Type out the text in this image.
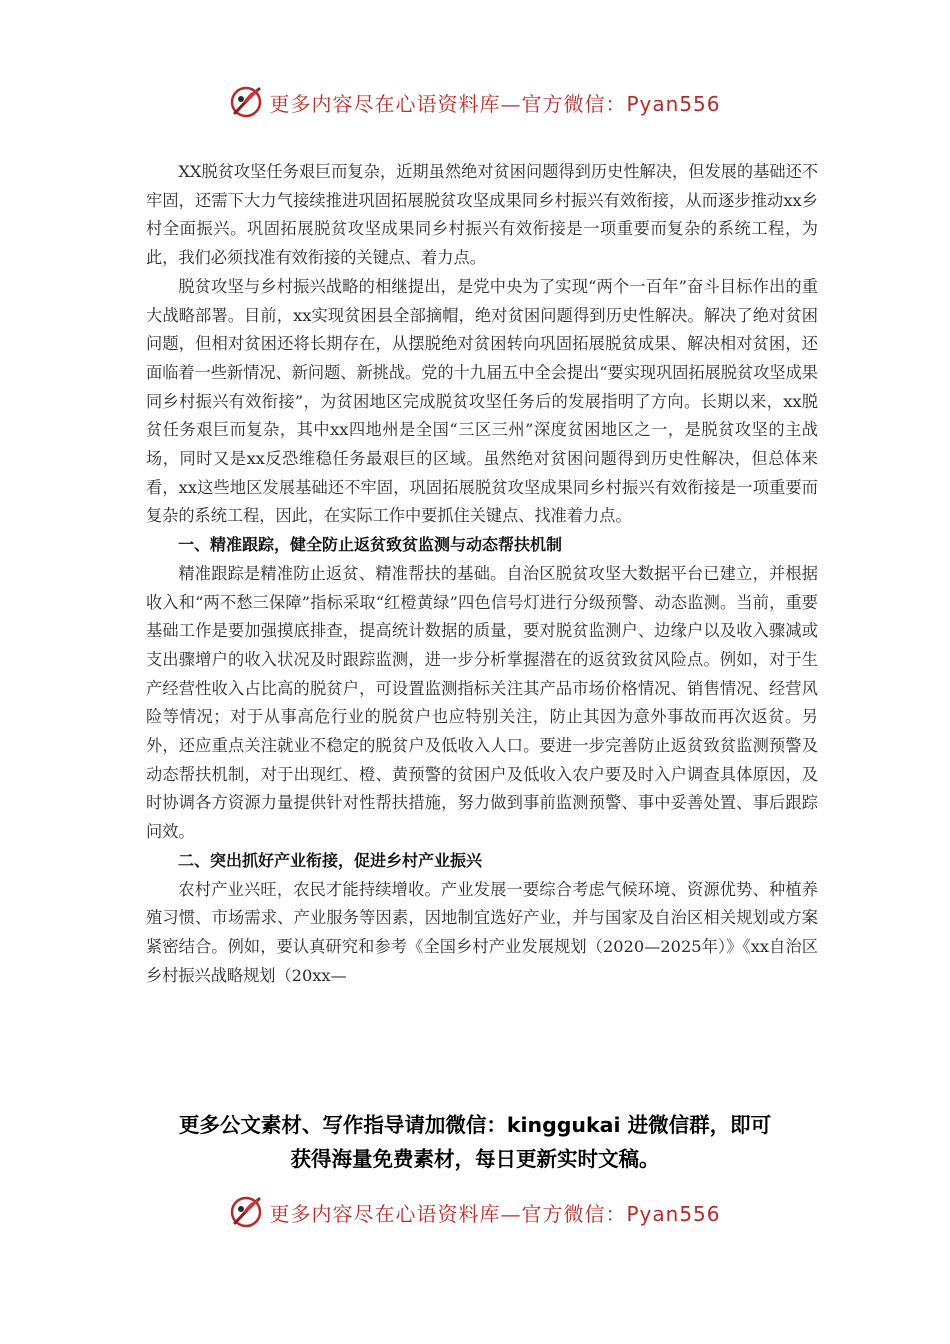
更多内容尽在心语资料库—官方微信：Pyan556

XX脱贫攻坚任务艰巨而复杂，近期虽然绝对贫困问题得到历史性解决，但发展的基础还不牢固，还需下大力气接续推进巩固拓展脱贫攻坚成果同乡村振兴有效衔接，从而逐步推动xx乡村全面振兴。巩固拓展脱贫攻坚成果同乡村振兴有效衔接是一项重要而复杂的系统工程，为此，我们必须找准有效衔接的关键点、着力点。

脱贫攻坚与乡村振兴战略的相继提出，是党中央为了实现“两个一百年”奋斗目标作出的重大战略部署。目前，xx实现贫困县全部摘帽，绝对贫困问题得到历史性解决。解决了绝对贫困问题，但相对贫困还将长期存在，从摆脱绝对贫困转向巩固拓展脱贫成果、解决相对贫困，还面临着一些新情况、新问题、新挑战。党的十九届五中全会提出“要实现巩固拓展脱贫攻坚成果同乡村振兴有效衔接”，为贫困地区完成脱贫攻坚任务后的发展指明了方向。长期以来，xx脱贫任务艰巨而复杂，其中xx四地州是全国“三区三州”深度贫困地区之一，是脱贫攻坚的主战场，同时又是xx反恐维稳任务最艰巨的区域。虽然绝对贫困问题得到历史性解决，但总体来看，xx这些地区发展基础还不牢固，巩固拓展脱贫攻坚成果同乡村振兴有效衔接是一项重要而复杂的系统工程，因此，在实际工作中要抓住关键点、找准着力点。

一、精准跟踪，健全防止返贫致贫监测与动态帮扶机制

精准跟踪是精准防止返贫、精准帮扶的基础。自治区脱贫攻坚大数据平台已建立，并根据收入和“两不愁三保障”指标采取“红橙黄绿”四色信号灯进行分级预警、动态监测。当前，重要基础工作是要加强摸底排查，提高统计数据的质量，要对脱贫监测户、边缘户以及收入骤减或支出骤增户的收入状况及时跟踪监测，进一步分析掌握潜在的返贫致贫风险点。例如，对于生产经营性收入占比高的脱贫户，可设置监测指标关注其产品市场价格情况、销售情况、经营风险等情况；对于从事高危行业的脱贫户也应特别关注，防止其因为意外事故而再次返贫。另外，还应重点关注就业不稳定的脱贫户及低收入人口。要进一步完善防止返贫致贫监测预警及动态帮扶机制，对于出现红、橙、黄预警的贫困户及低收入农户要及时入户调查具体原因，及时协调各方资源力量提供针对性帮扶措施，努力做到事前监测预警、事中妥善处置、事后跟踪问效。

二、突出抓好产业衔接，促进乡村产业振兴

农村产业兴旺，农民才能持续增收。产业发展一要综合考虑气候环境、资源优势、种植养殖习惯、市场需求、产业服务等因素，因地制宜选好产业，并与国家及自治区相关规划或方案紧密结合。例如，要认真研究和参考《全国乡村产业发展规划（2020—2025年）》《xx自治区乡村振兴战略规划（20xx—

更多公文素材、写作指导请加微信：kinggukai 进微信群，即可
获得海量免费素材，每日更新实时文稿。
更多内容尽在心语资料库—官方微信：Pyan556
